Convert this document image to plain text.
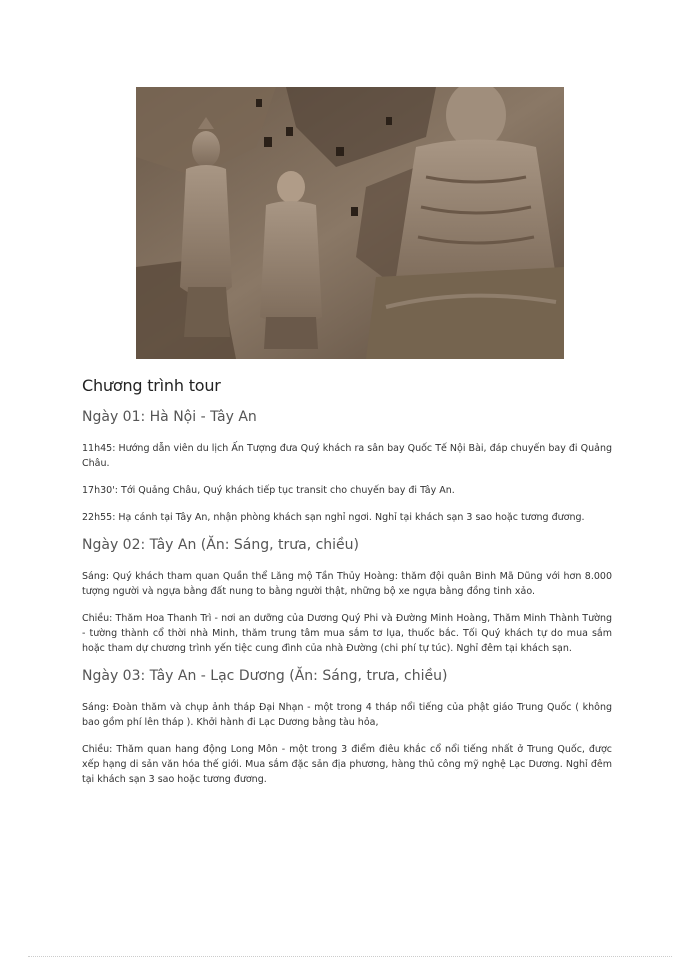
Chương trình tour
Ngày 01: Hà Nội - Tây An

11h45: Hướng dẫn viên du lịch Ấn Tượng đưa Quý khách ra sân bay Quốc Tế Nội Bài, đáp chuyến bay đi Quảng Châu.

17h30': Tới Quảng Châu, Quý khách tiếp tục transit cho chuyến bay đi Tây An.

22h55: Hạ cánh tại Tây An, nhận phòng khách sạn nghỉ ngơi. Nghỉ tại khách sạn 3 sao hoặc tương đương.

Ngày 02: Tây An (Ăn: Sáng, trưa, chiều)

Sáng: Quý khách tham quan Quần thể Lăng mộ Tần Thủy Hoàng: thăm đội quân Binh Mã Dũng với hơn 8.000 tượng người và ngựa bằng đất nung to bằng người thật, những bộ xe ngựa bằng đồng tinh xảo.

Chiều: Thăm Hoa Thanh Trì - nơi an dưỡng của Dương Quý Phi và Đường Minh Hoàng, Thăm Minh Thành Tường - tường thành cổ thời nhà Minh, thăm trung tâm mua sắm tơ lụa, thuốc bắc. Tối Quý khách tự do mua sắm hoặc tham dự chương trình yến tiệc cung đình của nhà Đường (chi phí tự túc). Nghỉ đêm tại khách sạn.

Ngày 03: Tây An - Lạc Dương (Ăn: Sáng, trưa, chiều)

Sáng: Đoàn thăm và chụp ảnh tháp Đại Nhạn - một trong 4 tháp nổi tiếng của phật giáo Trung Quốc ( không bao gồm phí lên tháp ). Khởi hành đi Lạc Dương bằng tàu hỏa,

Chiều: Thăm quan hang động Long Môn - một trong 3 điểm điêu khắc cổ nổi tiếng nhất ở Trung Quốc, được xếp hạng di sản văn hóa thế giới. Mua sắm đặc sản địa phương, hàng thủ công mỹ nghệ Lạc Dương. Nghỉ đêm tại khách sạn 3 sao hoặc tương đương.
